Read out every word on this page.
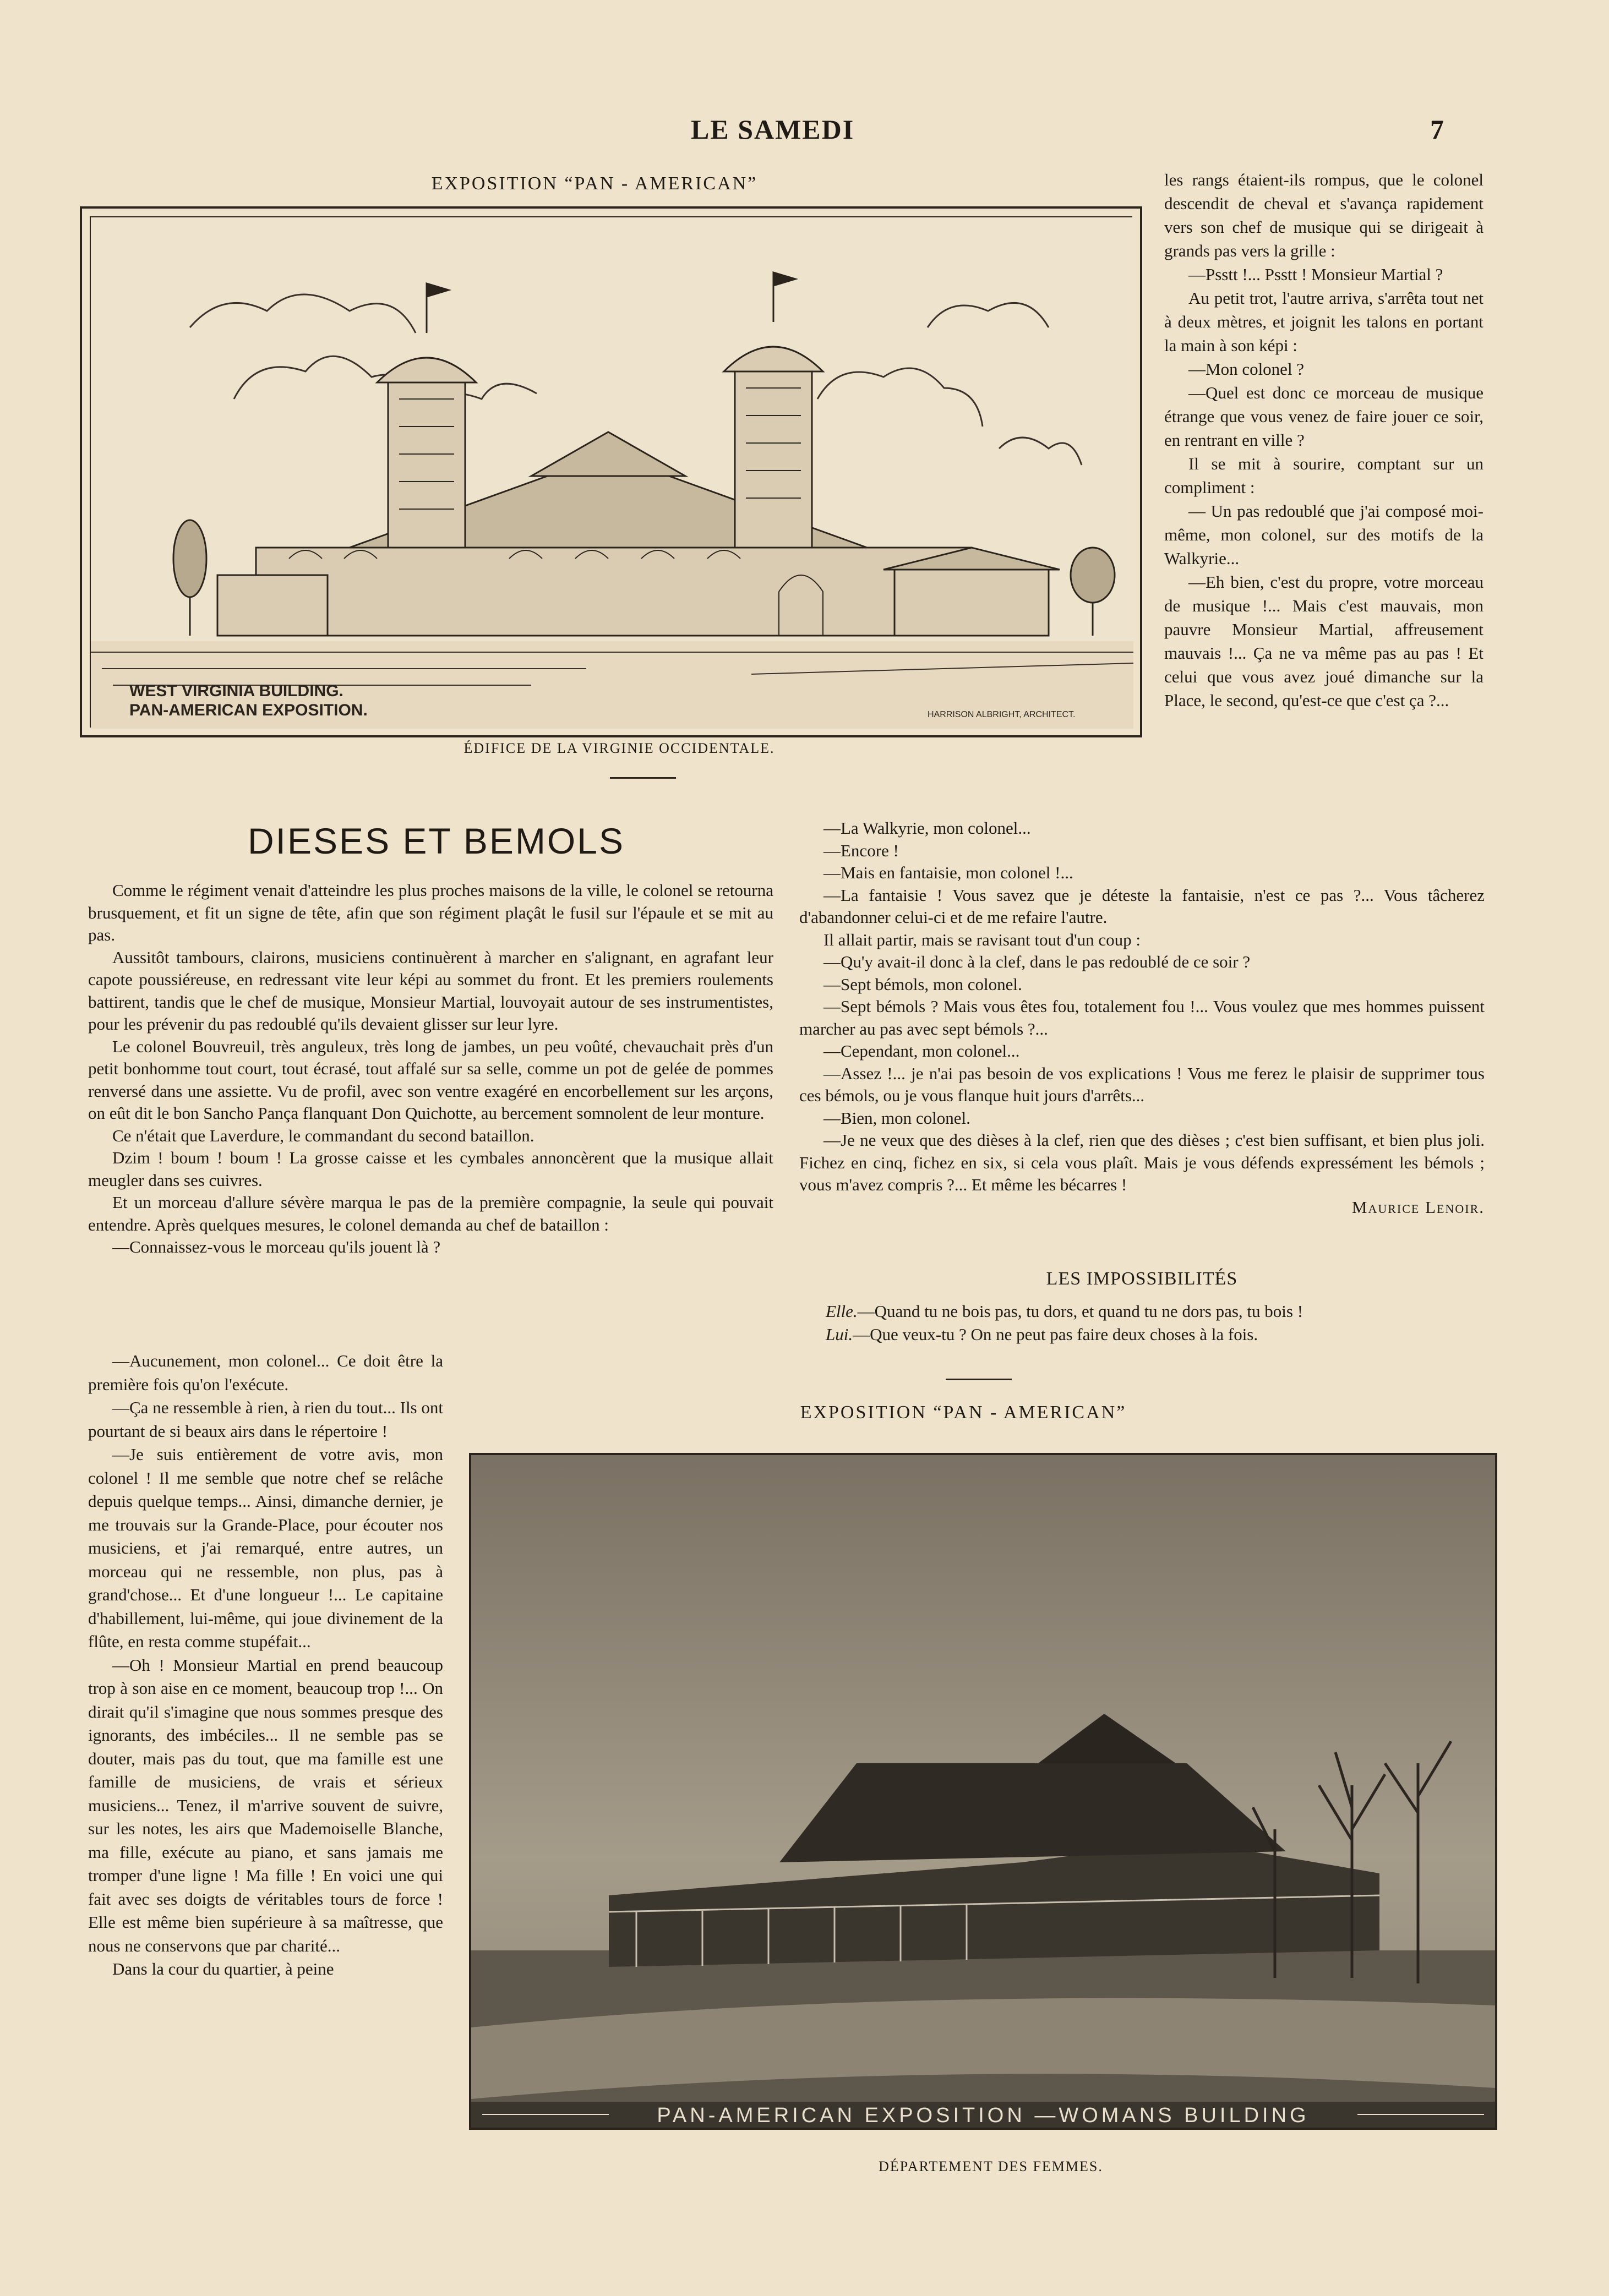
LE SAMEDI	7
EXPOSITION “PAN - AMERICAN”
WEST VIRGINIA BUILDING.
PAN-AMERICAN EXPOSITION.	HARRISON ALBRIGHT, ARCHITECT.
ÉDIFICE DE LA VIRGINIE OCCIDENTALE.

les rangs étaient-ils rompus, que le colonel descendit de cheval et s'avança rapidement vers son chef de musique qui se dirigeait à grands pas vers la grille :

—Psstt !... Psstt ! Monsieur Martial ?

Au petit trot, l'autre arriva, s'arrêta tout net à deux mètres, et joignit les talons en portant la main à son képi :

—Mon colonel ?

—Quel est donc ce morceau de musique étrange que vous venez de faire jouer ce soir, en rentrant en ville ?

Il se mit à sourire, comptant sur un compliment :

— Un pas redoublé que j'ai composé moi-même, mon colonel, sur des motifs de la Walkyrie...

—Eh bien, c'est du propre, votre morceau de musique !... Mais c'est mauvais, mon pauvre Monsieur Martial, affreusement mauvais !... Ça ne va même pas au pas ! Et celui que vous avez joué dimanche sur la Place, le second, qu'est-ce que c'est ça ?...

DIESES ET BEMOLS

Comme le régiment venait d'atteindre les plus proches maisons de la ville, le colonel se retourna brusquement, et fit un signe de tête, afin que son régiment plaçât le fusil sur l'épaule et se mit au pas.

Aussitôt tambours, clairons, musiciens continuèrent à marcher en s'alignant, en agrafant leur capote poussiéreuse, en redressant vite leur képi au sommet du front. Et les premiers roulements battirent, tandis que le chef de musique, Monsieur Martial, louvoyait autour de ses instrumentistes, pour les prévenir du pas redoublé qu'ils devaient glisser sur leur lyre.

Le colonel Bouvreuil, très anguleux, très long de jambes, un peu voûté, chevauchait près d'un petit bonhomme tout court, tout écrasé, tout affalé sur sa selle, comme un pot de gelée de pommes renversé dans une assiette. Vu de profil, avec son ventre exagéré en encorbellement sur les arçons, on eût dit le bon Sancho Pança flanquant Don Quichotte, au bercement somnolent de leur monture.

Ce n'était que Laverdure, le commandant du second bataillon.

Dzim ! boum ! boum ! La grosse caisse et les cymbales annoncèrent que la musique allait meugler dans ses cuivres.

Et un morceau d'allure sévère marqua le pas de la première compagnie, la seule qui pouvait entendre. Après quelques mesures, le colonel demanda au chef de bataillon :

—Connaissez-vous le morceau qu'ils jouent là ?

—Aucunement, mon colonel... Ce doit être la première fois qu'on l'exécute.

—Ça ne ressemble à rien, à rien du tout... Ils ont pourtant de si beaux airs dans le répertoire !

—Je suis entièrement de votre avis, mon colonel ! Il me semble que notre chef se relâche depuis quelque temps... Ainsi, dimanche dernier, je me trouvais sur la Grande-Place, pour écouter nos musiciens, et j'ai remarqué, entre autres, un morceau qui ne ressemble, non plus, pas à grand'chose... Et d'une longueur !... Le capitaine d'habillement, lui-même, qui joue divinement de la flûte, en resta comme stupéfait...

—Oh ! Monsieur Martial en prend beaucoup trop à son aise en ce moment, beaucoup trop !... On dirait qu'il s'imagine que nous sommes presque des ignorants, des imbéciles... Il ne semble pas se douter, mais pas du tout, que ma famille est une famille de musiciens, de vrais et sérieux musiciens... Tenez, il m'arrive souvent de suivre, sur les notes, les airs que Mademoiselle Blanche, ma fille, exécute au piano, et sans jamais me tromper d'une ligne ! Ma fille ! En voici une qui fait avec ses doigts de véritables tours de force ! Elle est même bien supérieure à sa maîtresse, que nous ne conservons que par charité...

Dans la cour du quartier, à peine

—La Walkyrie, mon colonel...

—Encore !

—Mais en fantaisie, mon colonel !...

—La fantaisie ! Vous savez que je déteste la fantaisie, n'est ce pas ?... Vous tâcherez d'abandonner celui-ci et de me refaire l'autre.

Il allait partir, mais se ravisant tout d'un coup :

—Qu'y avait-il donc à la clef, dans le pas redoublé de ce soir ?

—Sept bémols, mon colonel.

—Sept bémols ? Mais vous êtes fou, totalement fou !... Vous voulez que mes hommes puissent marcher au pas avec sept bémols ?...

—Cependant, mon colonel...

—Assez !... je n'ai pas besoin de vos explications ! Vous me ferez le plaisir de supprimer tous ces bémols, ou je vous flanque huit jours d'arrêts...

—Bien, mon colonel.

—Je ne veux que des dièses à la clef, rien que des dièses ; c'est bien suffisant, et bien plus joli. Fichez en cinq, fichez en six, si cela vous plaît. Mais je vous défends expressément les bémols ; vous m'avez compris ?... Et même les bécarres !

Maurice Lenoir.

LES IMPOSSIBILITÉS
Elle.—Quand tu ne bois pas, tu dors, et quand tu ne dors pas, tu bois !
Lui.—Que veux-tu ? On ne peut pas faire deux choses à la fois.
EXPOSITION “PAN - AMERICAN”
PAN-AMERICAN EXPOSITION —WOMANS BUILDING
DÉPARTEMENT DES FEMMES.
